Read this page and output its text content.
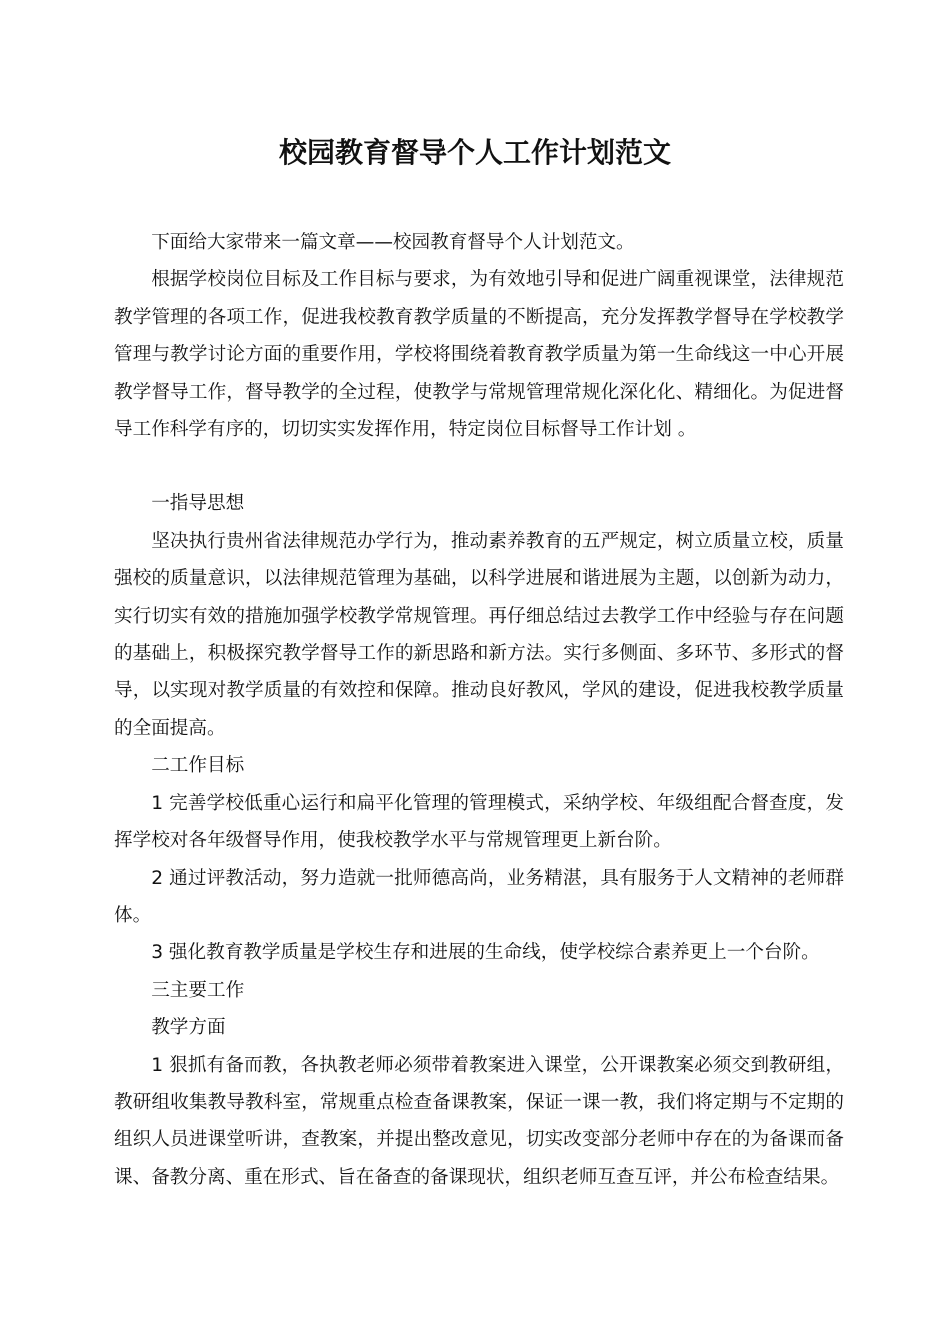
校园教育督导个人工作计划范文

下面给大家带来一篇文章——校园教育督导个人计划范文。

根据学校岗位目标及工作目标与要求，为有效地引导和促进广阔重视课堂，法律规范教学管理的各项工作，促进我校教育教学质量的不断提高，充分发挥教学督导在学校教学管理与教学讨论方面的重要作用，学校将围绕着教育教学质量为第一生命线这一中心开展教学督导工作，督导教学的全过程，使教学与常规管理常规化深化化、精细化。为促进督导工作科学有序的，切切实实发挥作用，特定岗位目标督导工作计划 。

一指导思想

坚决执行贵州省法律规范办学行为，推动素养教育的五严规定，树立质量立校，质量强校的质量意识，以法律规范管理为基础，以科学进展和谐进展为主题，以创新为动力，实行切实有效的措施加强学校教学常规管理。再仔细总结过去教学工作中经验与存在问题的基础上，积极探究教学督导工作的新思路和新方法。实行多侧面、多环节、多形式的督导，以实现对教学质量的有效控和保障。推动良好教风，学风的建设，促进我校教学质量的全面提高。

二工作目标

1 完善学校低重心运行和扁平化管理的管理模式，采纳学校、年级组配合督查度，发挥学校对各年级督导作用，使我校教学水平与常规管理更上新台阶。

2 通过评教活动，努力造就一批师德高尚，业务精湛，具有服务于人文精神的老师群体。

3 强化教育教学质量是学校生存和进展的生命线，使学校综合素养更上一个台阶。

三主要工作

教学方面

1 狠抓有备而教，各执教老师必须带着教案进入课堂，公开课教案必须交到教研组，教研组收集教导教科室，常规重点检查备课教案，保证一课一教，我们将定期与不定期的组织人员进课堂听讲，查教案，并提出整改意见，切实改变部分老师中存在的为备课而备课、备教分离、重在形式、旨在备查的备课现状，组织老师互查互评，并公布检查结果。
